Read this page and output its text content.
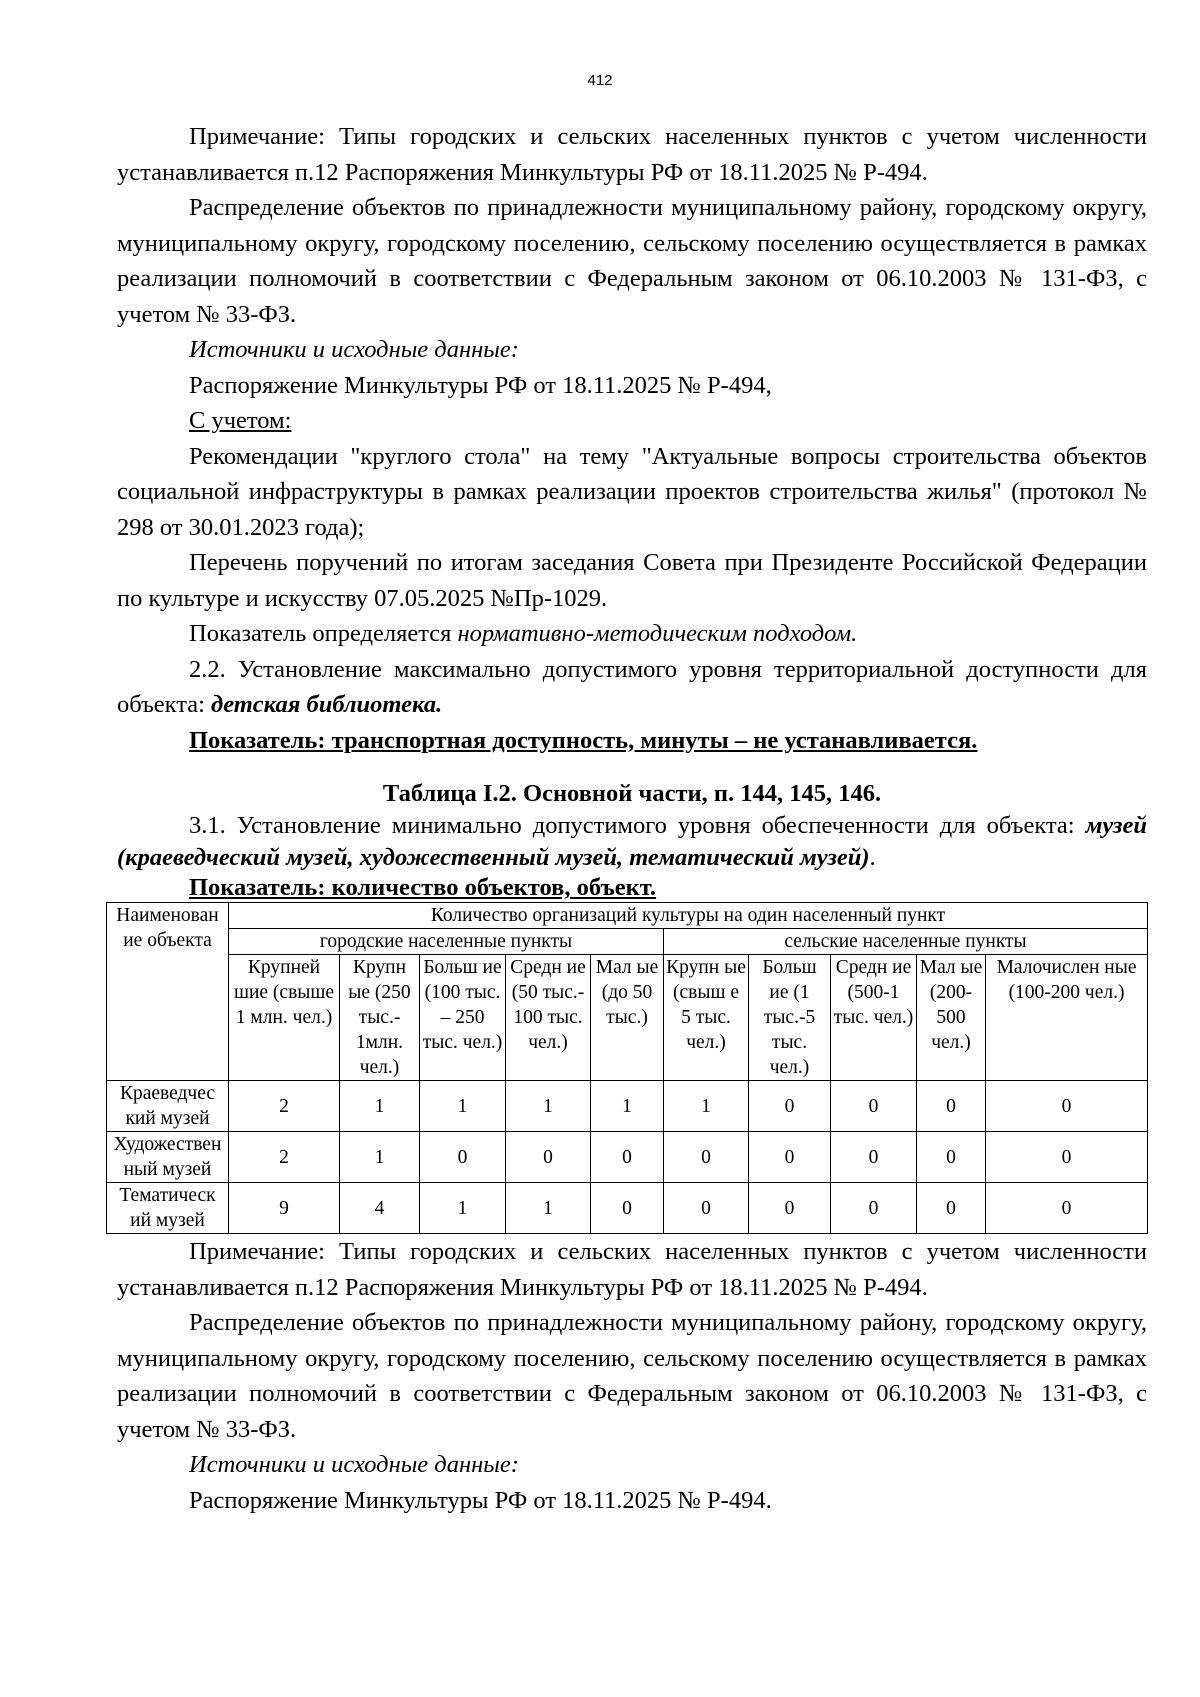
412

Примечание: Типы городских и сельских населенных пунктов с учетом численности

устанавливается п.12 Распоряжения Минкультуры РФ от 18.11.2025 № Р-494.

Распределение объектов по принадлежности муниципальному району, городскому округу, муниципальному округу, городскому поселению, сельскому поселению осуществляется в рамках реализации полномочий в соответствии с Федеральным законом от 06.10.2003 № 131-ФЗ, с учетом № 33-ФЗ.

Источники и исходные данные:

Распоряжение Минкультуры РФ от 18.11.2025 № Р-494,

С учетом:

Рекомендации "круглого стола" на тему "Актуальные вопросы строительства объектов социальной инфраструктуры в рамках реализации проектов строительства жилья" (протокол № 298 от 30.01.2023 года);

Перечень поручений по итогам заседания Совета при Президенте Российской Федерации по культуре и искусству 07.05.2025 №Пр-1029.

Показатель определяется нормативно-методическим подходом.

2.2. Установление максимально допустимого уровня территориальной доступности для объекта: детская библиотека.

Показатель: транспортная доступность, минуты – не устанавливается.

Таблица I.2. Основной части, п. 144, 145, 146.

3.1. Установление минимально допустимого уровня обеспеченности для объекта: музей (краеведческий музей, художественный музей, тематический музей).

Показатель: количество объектов, объект.

Наименован ие объекта	Количество организаций культуры на один населенный пункт									
	городские населенные пункты					сельские населенные пункты				
	Крупней шие (свыше 1 млн. чел.)	Крупн ые (250 тыс.- 1млн. чел.)	Больш ие (100 тыс. – 250 тыс. чел.)	Средн ие (50 тыс.- 100 тыс. чел.)	Мал ые (до 50 тыс.)	Крупн ые (свыш е 5 тыс. чел.)	Больш ие (1 тыс.-5 тыс. чел.)	Средн ие (500-1 тыс. чел.)	Мал ые (200- 500 чел.)	Малочислен ные (100-200 чел.)
Краеведчес кий музей	2	1	1	1	1	1	0	0	0	0
Художествен ный музей	2	1	0	0	0	0	0	0	0	0
Тематическ ий музей	9	4	1	1	0	0	0	0	0	0

Примечание: Типы городских и сельских населенных пунктов с учетом численности

устанавливается п.12 Распоряжения Минкультуры РФ от 18.11.2025 № Р-494.

Распределение объектов по принадлежности муниципальному району, городскому округу, муниципальному округу, городскому поселению, сельскому поселению осуществляется в рамках реализации полномочий в соответствии с Федеральным законом от 06.10.2003 № 131-ФЗ, с учетом № 33-ФЗ.

Источники и исходные данные:

Распоряжение Минкультуры РФ от 18.11.2025 № Р-494.
